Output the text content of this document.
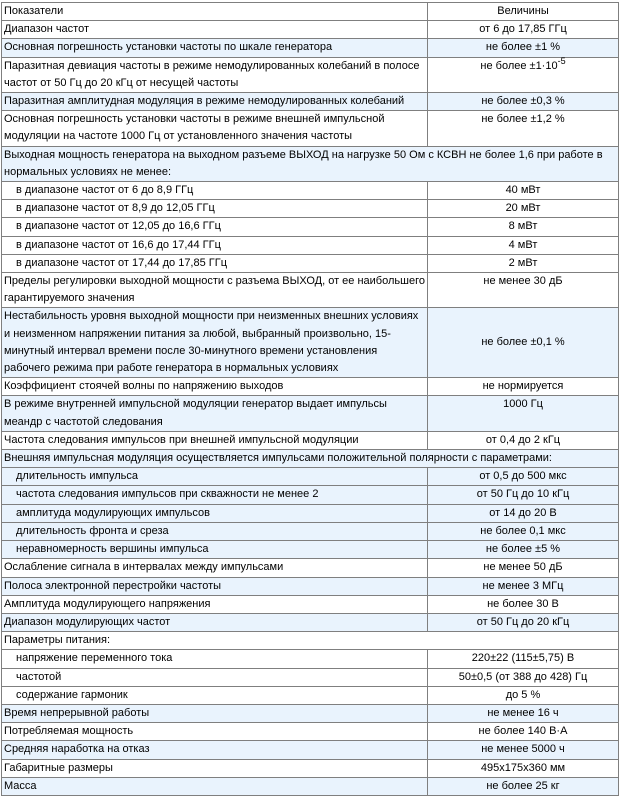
Показатели	Величины
Диапазон частот	от 6 до 17,85 ГГц
Основная погрешность установки частоты по шкале генератора	не более ±1 %
Паразитная девиация частоты в режиме немодулированных колебаний в полосе частот от 50 Гц до 20 кГц от несущей частоты	не более $\pm 1\cdot 10^{-5}$
Паразитная амплитудная модуляция в режиме немодулированных колебаний	не более ±0,3 %
Основная погрешность установки частоты в режиме внешней импульсной модуляции на частоте 1000 Гц от установленного значения частоты	не более ±1,2 %
Выходная мощность генератора на выходном разъеме ВЫХОД на нагрузке 50 Ом с КСВН не более 1,6 при работе в нормальных условиях не менее:	
в диапазоне частот от 6 до 8,9 ГГц	40 мВт
в диапазоне частот от 8,9 до 12,05 ГГц	20 мВт
в диапазоне частот от 12,05 до 16,6 ГГц	8 мВт
в диапазоне частот от 16,6 до 17,44 ГГц	4 мВт
в диапазоне частот от 17,44 до 17,85 ГГц	2 мВт
Пределы регулировки выходной мощности с разъема ВЫХОД, от ее наибольшего гарантируемого значения	не менее 30 дБ
Нестабильность уровня выходной мощности при неизменных внешних условиях и неизменном напряжении питания за любой, выбранный произвольно, 15-минутный интервал времени после 30-минутного времени установления рабочего режима при работе генератора в нормальных условиях	не более ±0,1 %
Коэффициент стоячей волны по напряжению выходов	не нормируется
В режиме внутренней импульсной модуляции генератор выдает импульсы меандр с частотой следования	1000 Гц
Частота следования импульсов при внешней импульсной модуляции	от 0,4 до 2 кГц
Внешняя импульсная модуляция осуществляется импульсами положительной полярности с параметрами:	
длительность импульса	от 0,5 до 500 мкс
частота следования импульсов при скважности не менее 2	от 50 Гц до 10 кГц
амплитуда модулирующих импульсов	от 14 до 20 В
длительность фронта и среза	не более 0,1 мкс
неравномерность вершины импульса	не более ±5 %
Ослабление сигнала в интервалах между импульсами	не менее 50 дБ
Полоса электронной перестройки частоты	не менее 3 МГц
Амплитуда модулирующего напряжения	не более 30 В
Диапазон модулирующих частот	от 50 Гц до 20 кГц
Параметры питания:	
напряжение переменного тока	220±22 (115±5,75) В
частотой	50±0,5 (от 388 до 428) Гц
содержание гармоник	до 5 %
Время непрерывной работы	не менее 16 ч
Потребляемая мощность	не более 140 В·А
Средняя наработка на отказ	не менее 5000 ч
Габаритные размеры	495x175x360 мм
Масса	не более 25 кг
